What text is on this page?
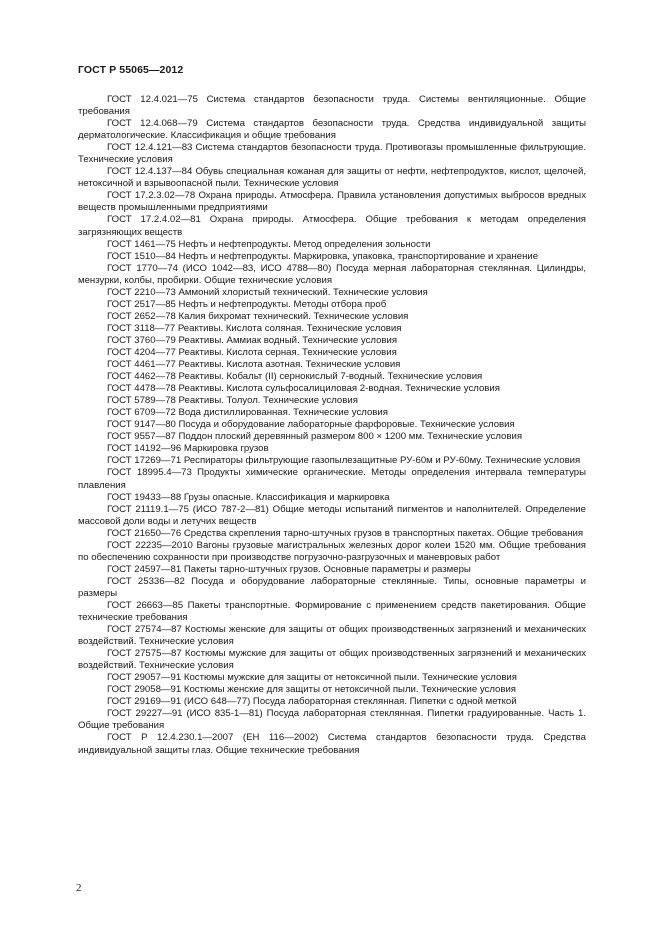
ГОСТ Р 55065—2012

ГОСТ 12.4.021—75 Система стандартов безопасности труда. Системы вентиляционные. Общие требования

ГОСТ 12.4.068—79 Система стандартов безопасности труда. Средства индивидуальной защиты дерматологические. Классификация и общие требования

ГОСТ 12.4.121—83 Система стандартов безопасности труда. Противогазы промышленные фильтрующие. Технические условия

ГОСТ 12.4.137—84 Обувь специальная кожаная для защиты от нефти, нефтепродуктов, кислот, щелочей, нетоксичной и взрывоопасной пыли. Технические условия

ГОСТ 17.2.3.02—78 Охрана природы. Атмосфера. Правила установления допустимых выбросов вредных веществ промышленными предприятиями

ГОСТ 17.2.4.02—81 Охрана природы. Атмосфера. Общие требования к методам определения загрязняющих веществ

ГОСТ 1461—75 Нефть и нефтепродукты. Метод определения зольности

ГОСТ 1510—84 Нефть и нефтепродукты. Маркировка, упаковка, транспортирование и хранение

ГОСТ 1770—74 (ИСО 1042—83, ИСО 4788—80) Посуда мерная лабораторная стеклянная. Цилиндры, мензурки, колбы, пробирки. Общие технические условия

ГОСТ 2210—73 Аммоний хлористый технический. Технические условия

ГОСТ 2517—85 Нефть и нефтепродукты. Методы отбора проб

ГОСТ 2652—78 Калия бихромат технический. Технические условия

ГОСТ 3118—77 Реактивы. Кислота соляная. Технические условия

ГОСТ 3760—79 Реактивы. Аммиак водный. Технические условия

ГОСТ 4204—77 Реактивы. Кислота серная. Технические условия

ГОСТ 4461—77 Реактивы. Кислота азотная. Технические условия

ГОСТ 4462—78 Реактивы. Кобальт (II) сернокислый 7-водный. Технические условия

ГОСТ 4478—78 Реактивы. Кислота сульфосалициловая 2-водная. Технические условия

ГОСТ 5789—78 Реактивы. Толуол. Технические условия

ГОСТ 6709—72 Вода дистиллированная. Технические условия

ГОСТ 9147—80 Посуда и оборудование лабораторные фарфоровые. Технические условия

ГОСТ 9557—87 Поддон плоский деревянный размером 800 × 1200 мм. Технические условия

ГОСТ 14192—96 Маркировка грузов

ГОСТ 17269—71 Респираторы фильтрующие газопылезащитные РУ-60м и РУ-60му. Технические условия

ГОСТ 18995.4—73 Продукты химические органические. Методы определения интервала температуры плавления

ГОСТ 19433—88 Грузы опасные. Классификация и маркировка

ГОСТ 21119.1—75 (ИСО 787-2—81) Общие методы испытаний пигментов и наполнителей. Определение массовой доли воды и летучих веществ

ГОСТ 21650—76 Средства скрепления тарно-штучных грузов в транспортных пакетах. Общие требования

ГОСТ 22235—2010 Вагоны грузовые магистральных железных дорог колеи 1520 мм. Общие требования по обеспечению сохранности при производстве погрузочно-разгрузочных и маневровых работ

ГОСТ 24597—81 Пакеты тарно-штучных грузов. Основные параметры и размеры

ГОСТ 25336—82 Посуда и оборудование лабораторные стеклянные. Типы, основные параметры и размеры

ГОСТ 26663—85 Пакеты транспортные. Формирование с применением средств пакетирования. Общие технические требования

ГОСТ 27574—87 Костюмы женские для защиты от общих производственных загрязнений и механических воздействий. Технические условия

ГОСТ 27575—87 Костюмы мужские для защиты от общих производственных загрязнений и механических воздействий. Технические условия

ГОСТ 29057—91 Костюмы мужские для защиты от нетоксичной пыли. Технические условия

ГОСТ 29058—91 Костюмы женские для защиты от нетоксичной пыли. Технические условия

ГОСТ 29169—91 (ИСО 648—77) Посуда лабораторная стеклянная. Пипетки с одной меткой

ГОСТ 29227—91 (ИСО 835-1—81) Посуда лабораторная стеклянная. Пипетки градуированные. Часть 1. Общие требования

ГОСТ Р 12.4.230.1—2007 (ЕН 116—2002) Система стандартов безопасности труда. Средства индивидуальной защиты глаз. Общие технические требования

2
